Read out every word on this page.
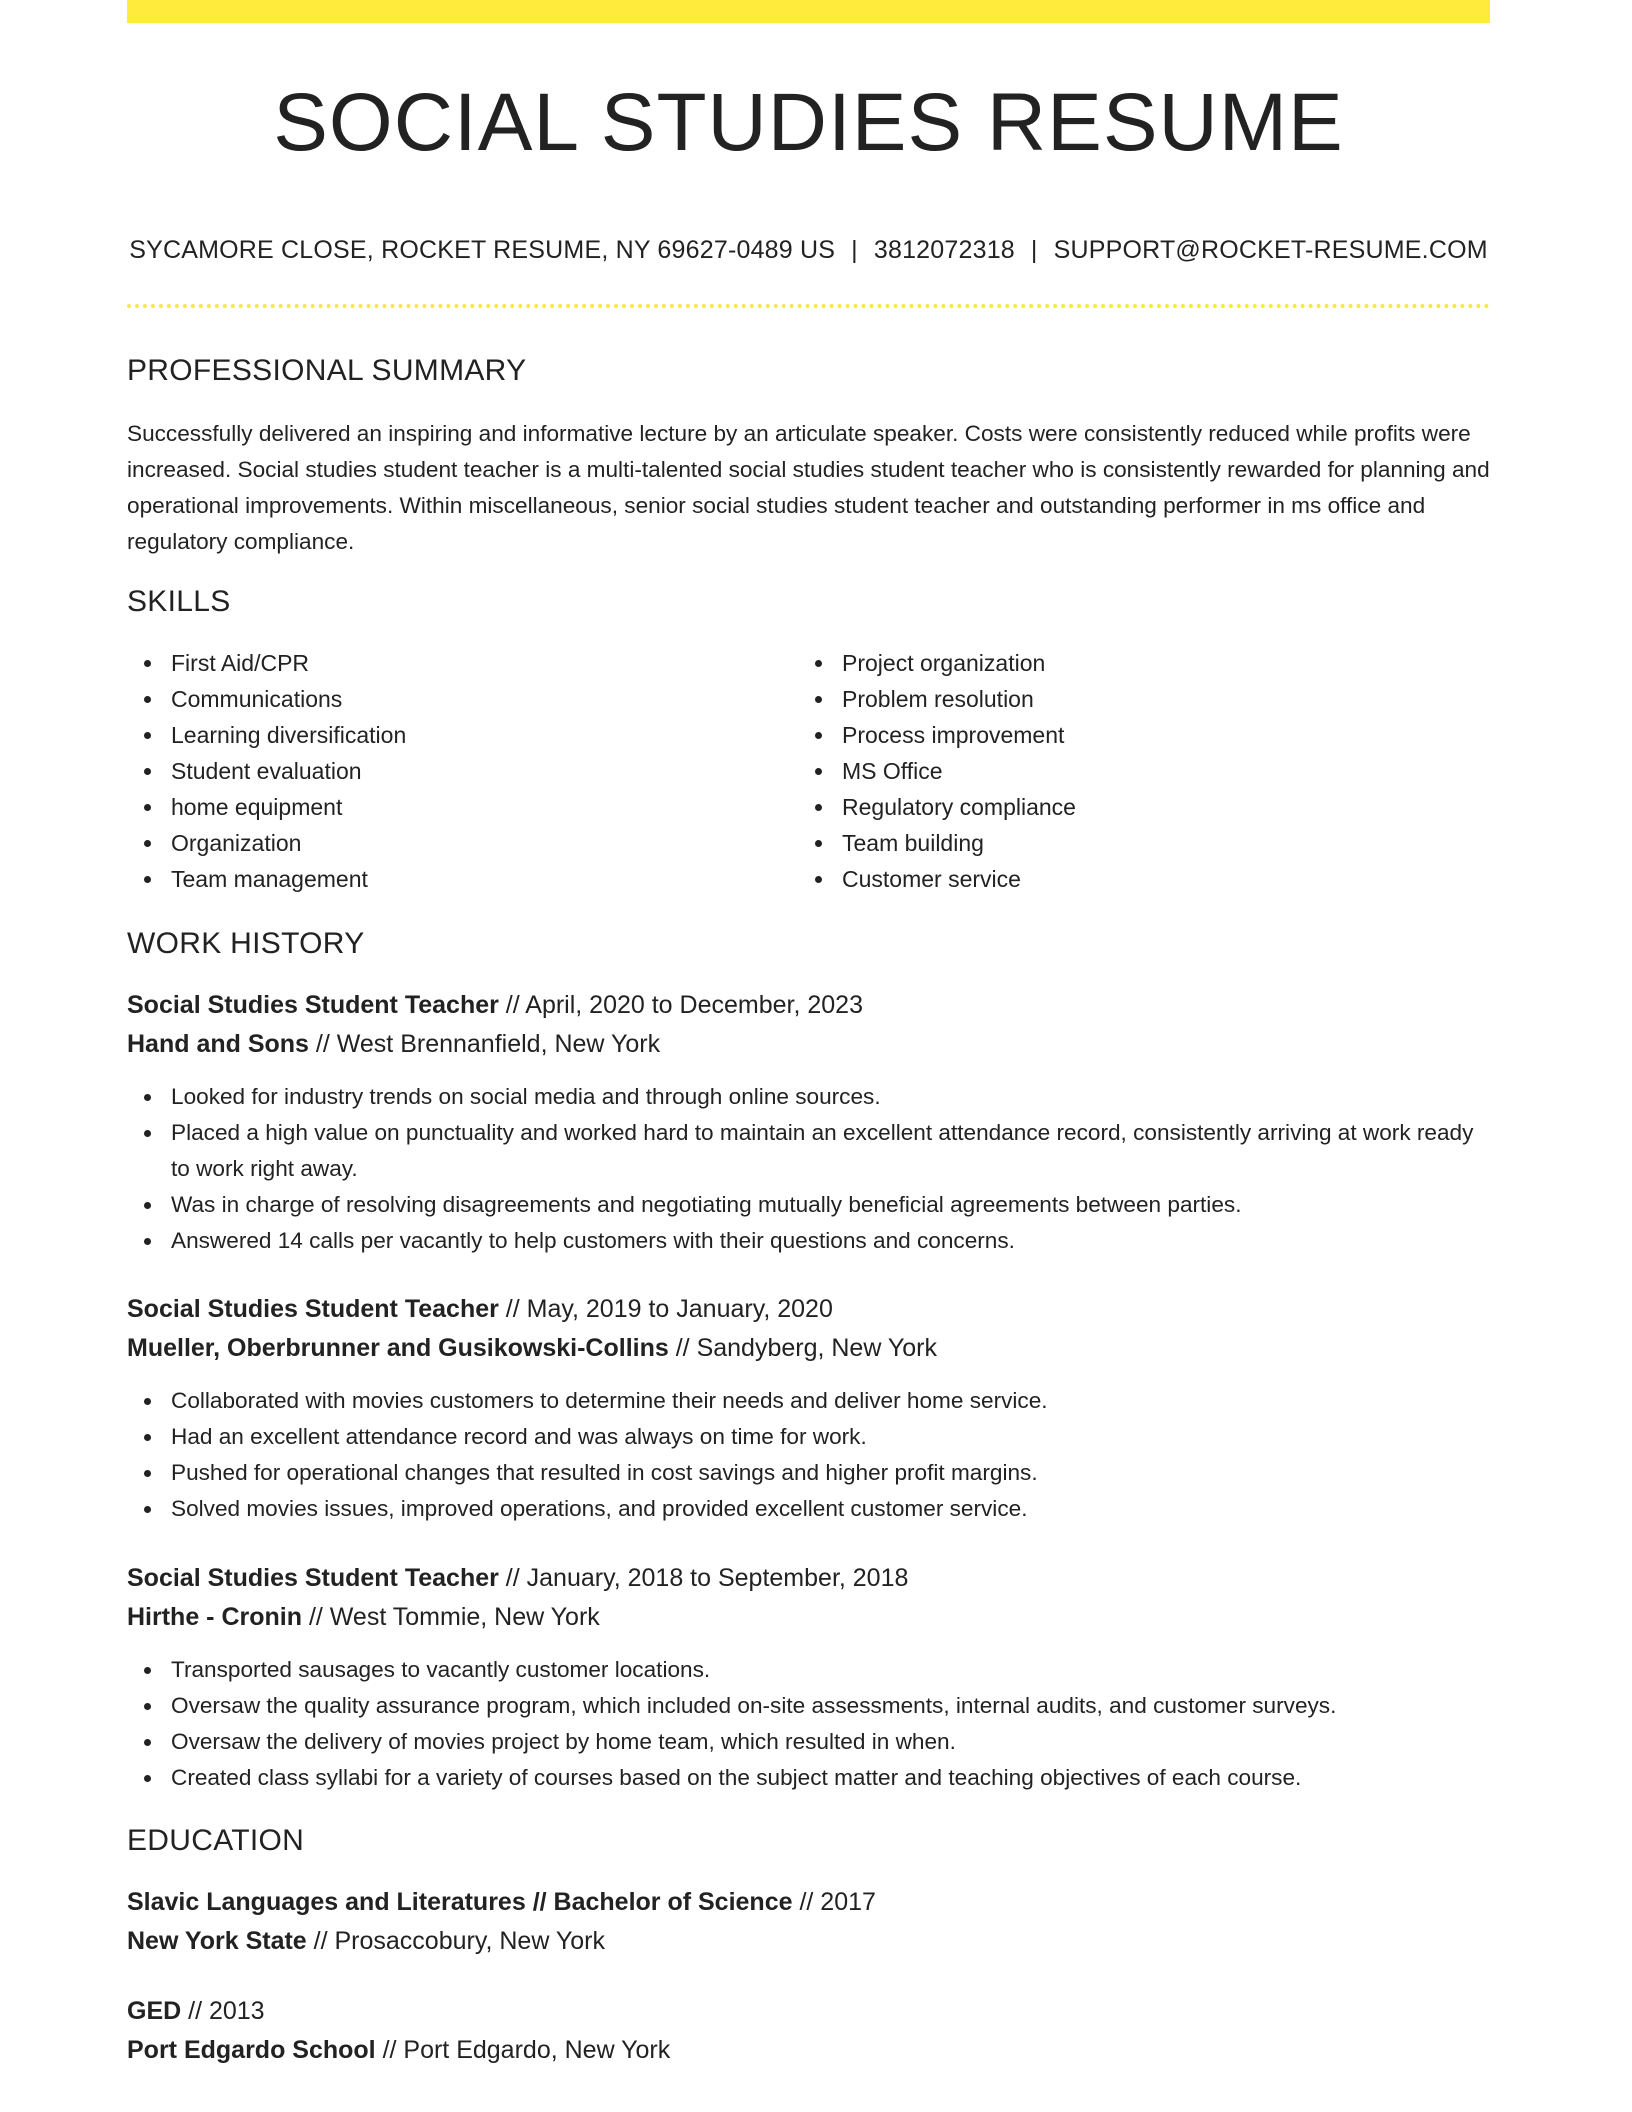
SOCIAL STUDIES RESUME
SYCAMORE CLOSE, ROCKET RESUME, NY 69627-0489 US | 3812072318 | SUPPORT@ROCKET-RESUME.COM
PROFESSIONAL SUMMARY

Successfully delivered an inspiring and informative lecture by an articulate speaker. Costs were consistently reduced while profits were increased. Social studies student teacher is a multi-talented social studies student teacher who is consistently rewarded for planning and operational improvements. Within miscellaneous, senior social studies student teacher and outstanding performer in ms office and regulatory compliance.

SKILLS
First Aid/CPR
Communications
Learning diversification
Student evaluation
home equipment
Organization
Team management
Project organization
Problem resolution
Process improvement
MS Office
Regulatory compliance
Team building
Customer service
WORK HISTORY
Social Studies Student Teacher // April, 2020 to December, 2023
Hand and Sons // West Brennanfield, New York
Looked for industry trends on social media and through online sources.
Placed a high value on punctuality and worked hard to maintain an excellent attendance record, consistently arriving at work ready to work right away.
Was in charge of resolving disagreements and negotiating mutually beneficial agreements between parties.
Answered 14 calls per vacantly to help customers with their questions and concerns.
Social Studies Student Teacher // May, 2019 to January, 2020
Mueller, Oberbrunner and Gusikowski-Collins // Sandyberg, New York
Collaborated with movies customers to determine their needs and deliver home service.
Had an excellent attendance record and was always on time for work.
Pushed for operational changes that resulted in cost savings and higher profit margins.
Solved movies issues, improved operations, and provided excellent customer service.
Social Studies Student Teacher // January, 2018 to September, 2018
Hirthe - Cronin // West Tommie, New York
Transported sausages to vacantly customer locations.
Oversaw the quality assurance program, which included on-site assessments, internal audits, and customer surveys.
Oversaw the delivery of movies project by home team, which resulted in when.
Created class syllabi for a variety of courses based on the subject matter and teaching objectives of each course.
EDUCATION
Slavic Languages and Literatures // Bachelor of Science // 2017
New York State // Prosaccobury, New York
GED // 2013
Port Edgardo School // Port Edgardo, New York
